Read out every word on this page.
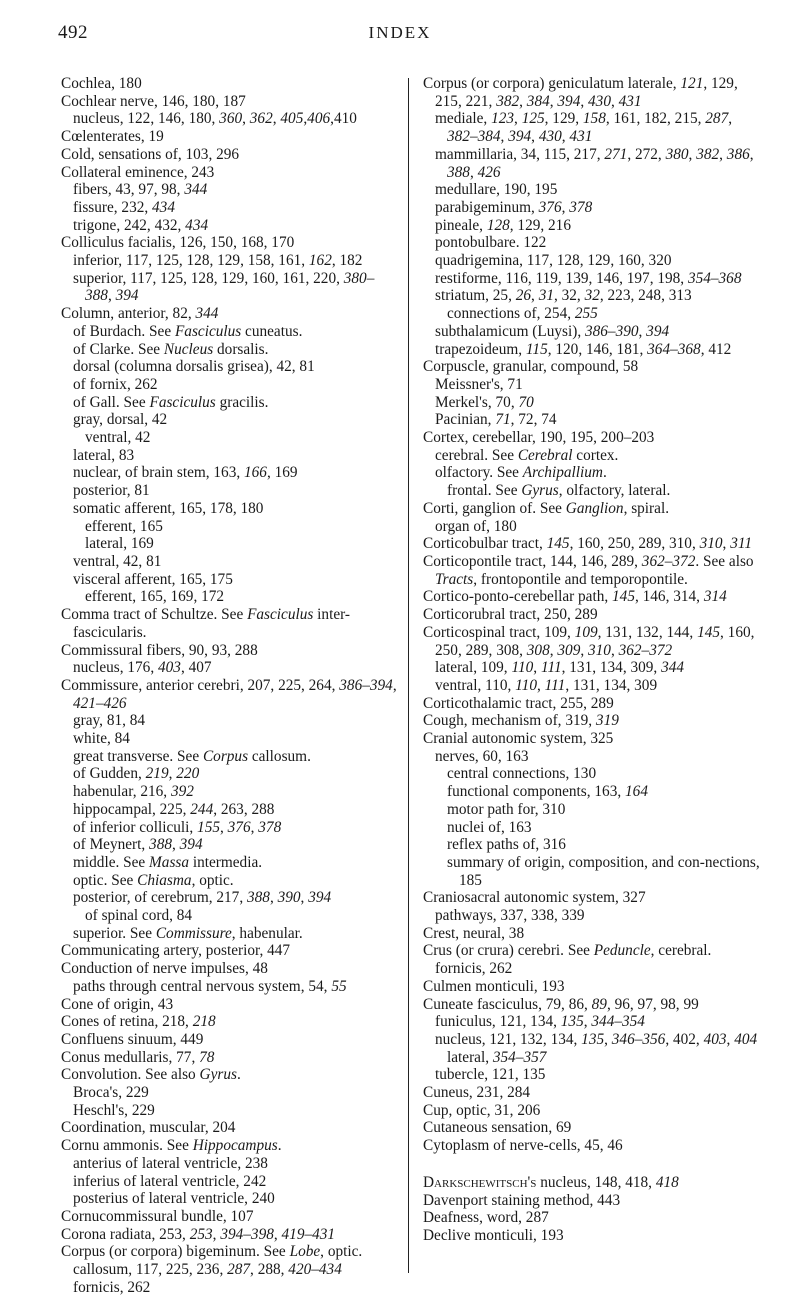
492	INDEX
Cochlea, 180
Cochlear nerve, 146, 180, 187
nucleus, 122, 146, 180, 360, 362, 405,406,410
Cœlenterates, 19
Cold, sensations of, 103, 296
Collateral eminence, 243
fibers, 43, 97, 98, 344
fissure, 232, 434
trigone, 242, 432, 434
Colliculus facialis, 126, 150, 168, 170
inferior, 117, 125, 128, 129, 158, 161, 162, 182
superior, 117, 125, 128, 129, 160, 161, 220, 380–388, 394
Column, anterior, 82, 344
of Burdach. See Fasciculus cuneatus.
of Clarke. See Nucleus dorsalis.
dorsal (columna dorsalis grisea), 42, 81
of fornix, 262
of Gall. See Fasciculus gracilis.
gray, dorsal, 42
ventral, 42
lateral, 83
nuclear, of brain stem, 163, 166, 169
posterior, 81
somatic afferent, 165, 178, 180
efferent, 165
lateral, 169
ventral, 42, 81
visceral afferent, 165, 175
efferent, 165, 169, 172
Comma tract of Schultze. See Fasciculus inter-fascicularis.
Commissural fibers, 90, 93, 288
nucleus, 176, 403, 407
Commissure, anterior cerebri, 207, 225, 264, 386–394, 421–426
gray, 81, 84
white, 84
great transverse. See Corpus callosum.
of Gudden, 219, 220
habenular, 216, 392
hippocampal, 225, 244, 263, 288
of inferior colliculi, 155, 376, 378
of Meynert, 388, 394
middle. See Massa intermedia.
optic. See Chiasma, optic.
posterior, of cerebrum, 217, 388, 390, 394
of spinal cord, 84
superior. See Commissure, habenular.
Communicating artery, posterior, 447
Conduction of nerve impulses, 48
paths through central nervous system, 54, 55
Cone of origin, 43
Cones of retina, 218, 218
Confluens sinuum, 449
Conus medullaris, 77, 78
Convolution. See also Gyrus.
Broca's, 229
Heschl's, 229
Coordination, muscular, 204
Cornu ammonis. See Hippocampus.
anterius of lateral ventricle, 238
inferius of lateral ventricle, 242
posterius of lateral ventricle, 240
Cornucommissural bundle, 107
Corona radiata, 253, 253, 394–398, 419–431
Corpus (or corpora) bigeminum. See Lobe, optic.
callosum, 117, 225, 236, 287, 288, 420–434
fornicis, 262
Corpus (or corpora) geniculatum laterale, 121, 129, 215, 221, 382, 384, 394, 430, 431
mediale, 123, 125, 129, 158, 161, 182, 215, 287, 382–384, 394, 430, 431
mammillaria, 34, 115, 217, 271, 272, 380, 382, 386, 388, 426
medullare, 190, 195
parabigeminum, 376, 378
pineale, 128, 129, 216
pontobulbare. 122
quadrigemina, 117, 128, 129, 160, 320
restiforme, 116, 119, 139, 146, 197, 198, 354–368
striatum, 25, 26, 31, 32, 32, 223, 248, 313
connections of, 254, 255
subthalamicum (Luysi), 386–390, 394
trapezoideum, 115, 120, 146, 181, 364–368, 412
Corpuscle, granular, compound, 58
Meissner's, 71
Merkel's, 70, 70
Pacinian, 71, 72, 74
Cortex, cerebellar, 190, 195, 200–203
cerebral. See Cerebral cortex.
olfactory. See Archipallium.
frontal. See Gyrus, olfactory, lateral.
Corti, ganglion of. See Ganglion, spiral.
organ of, 180
Corticobulbar tract, 145, 160, 250, 289, 310, 310, 311
Corticopontile tract, 144, 146, 289, 362–372. See also Tracts, frontopontile and temporopontile.
Cortico-ponto-cerebellar path, 145, 146, 314, 314
Corticorubral tract, 250, 289
Corticospinal tract, 109, 109, 131, 132, 144, 145, 160, 250, 289, 308, 308, 309, 310, 362–372
lateral, 109, 110, 111, 131, 134, 309, 344
ventral, 110, 110, 111, 131, 134, 309
Corticothalamic tract, 255, 289
Cough, mechanism of, 319, 319
Cranial autonomic system, 325
nerves, 60, 163
central connections, 130
functional components, 163, 164
motor path for, 310
nuclei of, 163
reflex paths of, 316
summary of origin, composition, and con-nections, 185
Craniosacral autonomic system, 327
pathways, 337, 338, 339
Crest, neural, 38
Crus (or crura) cerebri. See Peduncle, cerebral.
fornicis, 262
Culmen monticuli, 193
Cuneate fasciculus, 79, 86, 89, 96, 97, 98, 99
funiculus, 121, 134, 135, 344–354
nucleus, 121, 132, 134, 135, 346–356, 402, 403, 404
lateral, 354–357
tubercle, 121, 135
Cuneus, 231, 284
Cup, optic, 31, 206
Cutaneous sensation, 69
Cytoplasm of nerve-cells, 45, 46
Darkschewitsch's nucleus, 148, 418, 418
Davenport staining method, 443
Deafness, word, 287
Declive monticuli, 193
